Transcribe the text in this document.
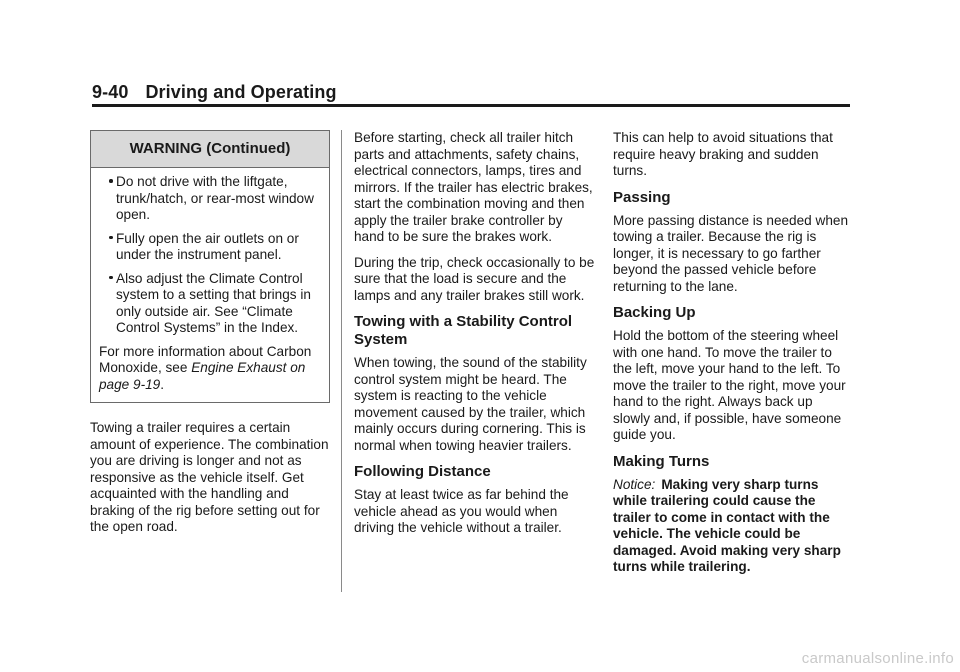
9-40 Driving and Operating
WARNING (Continued)
Do not drive with the liftgate, trunk/hatch, or rear-most window open.
Fully open the air outlets on or under the instrument panel.
Also adjust the Climate Control system to a setting that brings in only outside air. See “Climate Control Systems” in the Index.

For more information about Carbon Monoxide, see Engine Exhaust on page 9-19.

Towing a trailer requires a certain amount of experience. The combination you are driving is longer and not as responsive as the vehicle itself. Get acquainted with the handling and braking of the rig before setting out for the open road.

Before starting, check all trailer hitch parts and attachments, safety chains, electrical connectors, lamps, tires and mirrors. If the trailer has electric brakes, start the combination moving and then apply the trailer brake controller by hand to be sure the brakes work.

During the trip, check occasionally to be sure that the load is secure and the lamps and any trailer brakes still work.

Towing with a Stability Control System

When towing, the sound of the stability control system might be heard. The system is reacting to the vehicle movement caused by the trailer, which mainly occurs during cornering. This is normal when towing heavier trailers.

Following Distance

Stay at least twice as far behind the vehicle ahead as you would when driving the vehicle without a trailer.

This can help to avoid situations that require heavy braking and sudden turns.

Passing

More passing distance is needed when towing a trailer. Because the rig is longer, it is necessary to go farther beyond the passed vehicle before returning to the lane.

Backing Up

Hold the bottom of the steering wheel with one hand. To move the trailer to the left, move your hand to the left. To move the trailer to the right, move your hand to the right. Always back up slowly and, if possible, have someone guide you.

Making Turns

Notice: Making very sharp turns while trailering could cause the trailer to come in contact with the vehicle. The vehicle could be damaged. Avoid making very sharp turns while trailering.

carmanualsonline.info
